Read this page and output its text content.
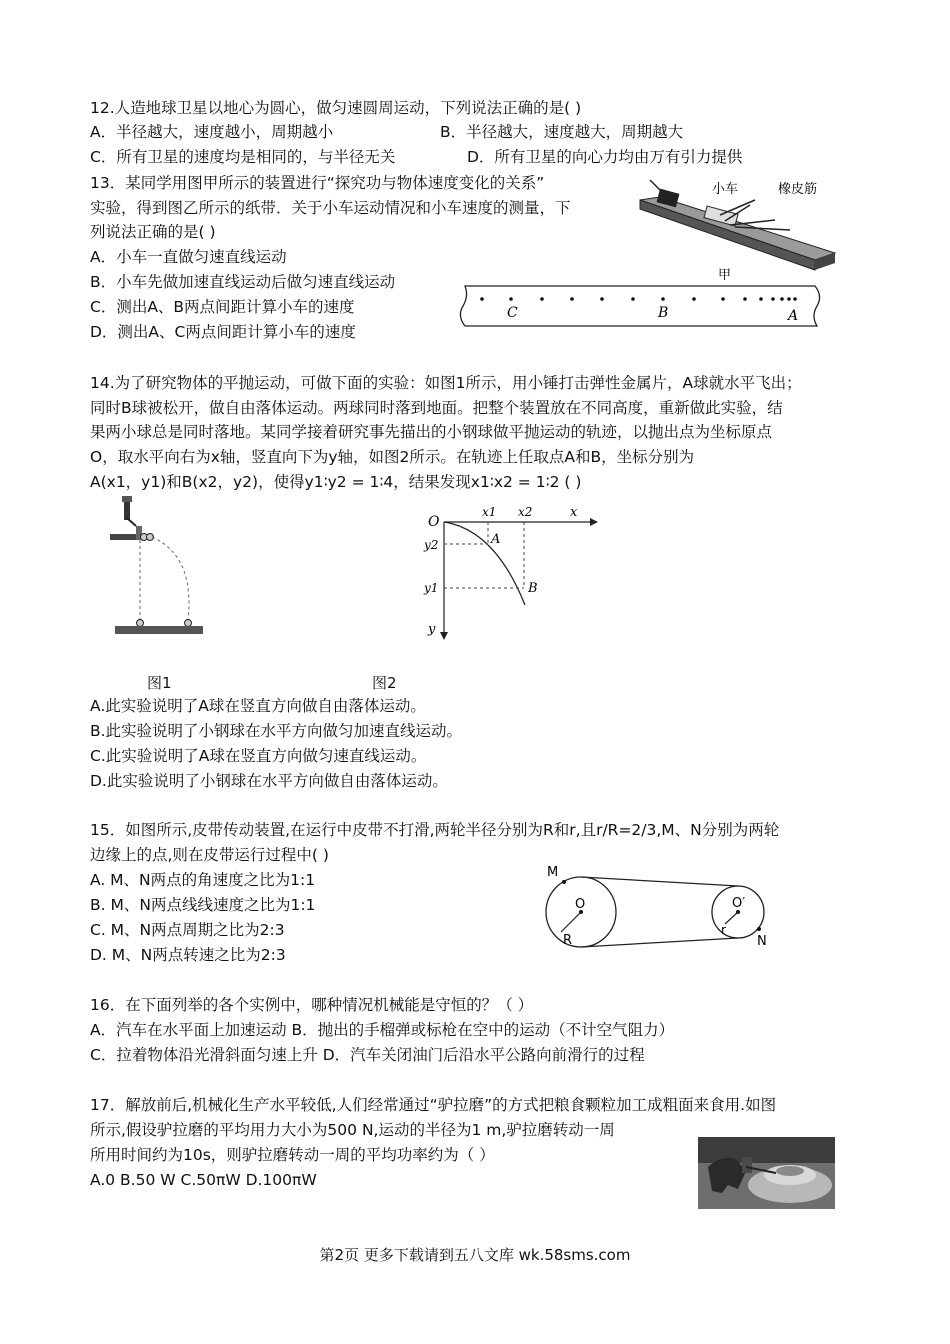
12.人造地球卫星以地心为圆心，做匀速圆周运动，下列说法正确的是( )
A．半径越大，速度越小，周期越小	B．半径越大，速度越大，周期越大
C．所有卫星的速度均是相同的，与半径无关	D．所有卫星的向心力均由万有引力提供
13．某同学用图甲所示的装置进行“探究功与物体速度变化的关系”
实验，得到图乙所示的纸带．关于小车运动情况和小车速度的测量，下
列说法正确的是( )
A．小车一直做匀速直线运动
B．小车先做加速直线运动后做匀速直线运动
C．测出A、B两点间距计算小车的速度
D．测出A、C两点间距计算小车的速度
小车	橡皮筋
甲
C	B	A
14.为了研究物体的平抛运动，可做下面的实验：如图1所示，用小锤打击弹性金属片，A球就水平飞出；
同时B球被松开，做自由落体运动。两球同时落到地面。把整个装置放在不同高度，重新做此实验，结
果两小球总是同时落地。某同学接着研究事先描出的小钢球做平抛运动的轨迹，以抛出点为坐标原点
O，取水平向右为x轴，竖直向下为y轴，如图2所示。在轨迹上任取点A和B，坐标分别为
A(x1，y1)和B(x2，y2)，使得y1∶y2 = 1∶4，结果发现x1∶x2 = 1∶2 ( )
图1
O
x1 x2	x
y2
y1
A
B
y
图2
A.此实验说明了A球在竖直方向做自由落体运动。
B.此实验说明了小钢球在水平方向做匀加速直线运动。
C.此实验说明了A球在竖直方向做匀速直线运动。
D.此实验说明了小钢球在水平方向做自由落体运动。
15．如图所示,皮带传动装置,在运行中皮带不打滑,两轮半径分别为R和r,且r/R=2/3,M、N分别为两轮
边缘上的点,则在皮带运行过程中( )
A. M、N两点的角速度之比为1:1
B. M、N两点线线速度之比为1:1
C. M、N两点周期之比为2:3
D. M、N两点转速之比为2:3
M
O
R
O′
r
N
16．在下面列举的各个实例中，哪种情况机械能是守恒的？（ ）
A．汽车在水平面上加速运动 B．抛出的手榴弹或标枪在空中的运动（不计空气阻力）
C．拉着物体沿光滑斜面匀速上升 D．汽车关闭油门后沿水平公路向前滑行的过程
17．解放前后,机械化生产水平较低,人们经常通过“驴拉磨”的方式把粮食颗粒加工成粗面来食用.如图
所示,假设驴拉磨的平均用力大小为500 N,运动的半径为1 m,驴拉磨转动一周
所用时间约为10s，则驴拉磨转动一周的平均功率约为（ ）
A.0 B.50 W C.50πW D.100πW
第2页 更多下载请到五八文库 wk.58sms.com
